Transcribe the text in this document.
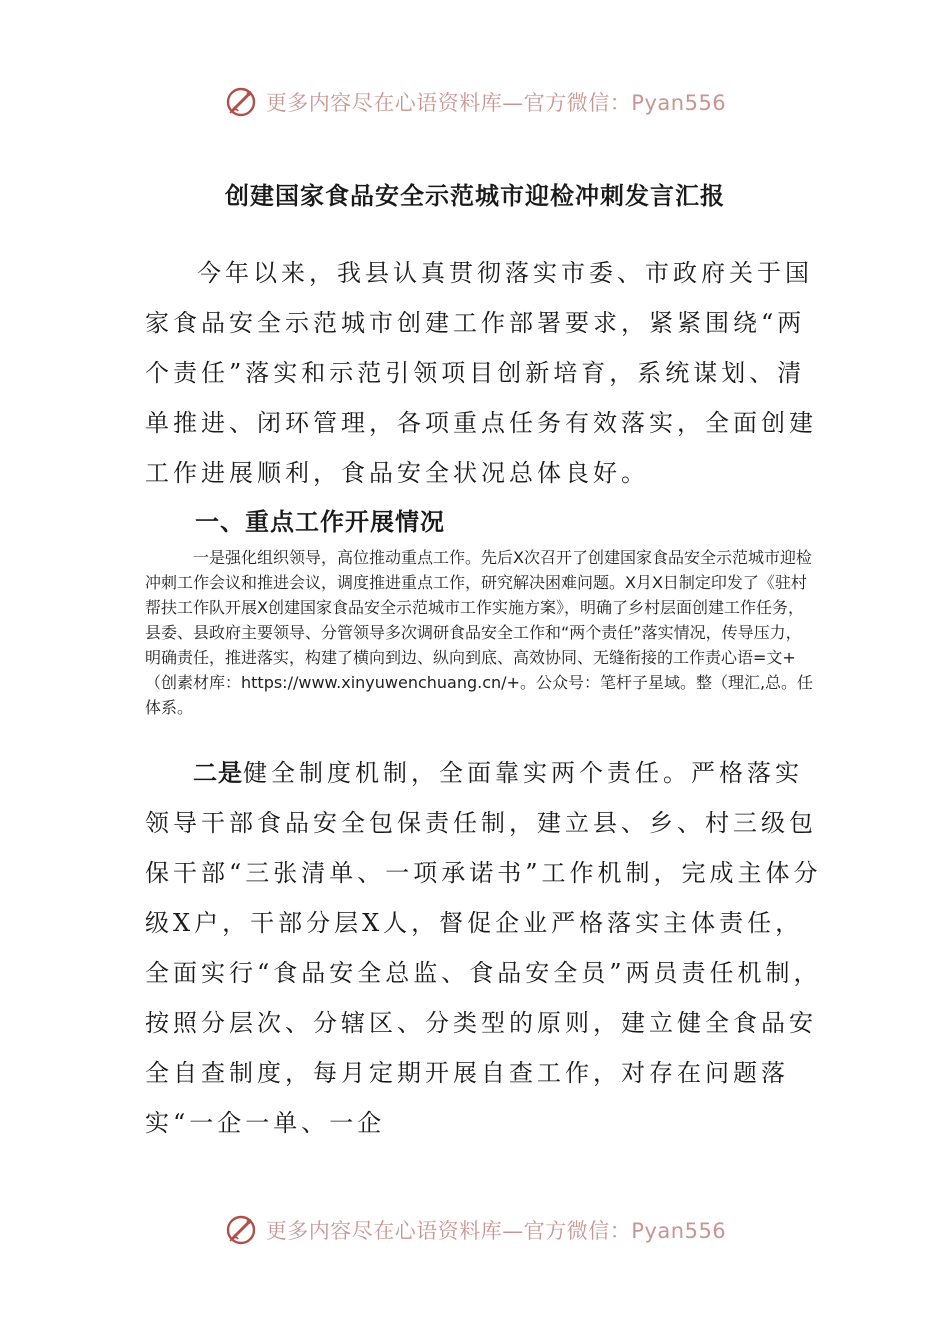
更多内容尽在心语资料库—官方微信：Pyan556
创建国家食品安全示范城市迎检冲刺发言汇报

今年以来，我县认真贯彻落实市委、市政府关于国家食品安全示范城市创建工作部署要求，紧紧围绕“两个责任”落实和示范引领项目创新培育，系统谋划、清单推进、闭环管理，各项重点任务有效落实，全面创建工作进展顺利，食品安全状况总体良好。

一、重点工作开展情况

一是强化组织领导，高位推动重点工作。先后X次召开了创建国家食品安全示范城市迎检冲刺工作会议和推进会议，调度推进重点工作，研究解决困难问题。X月X日制定印发了《驻村帮扶工作队开展X创建国家食品安全示范城市工作实施方案》，明确了乡村层面创建工作任务，县委、县政府主要领导、分管领导多次调研食品安全工作和“两个责任”落实情况，传导压力，明确责任，推进落实，构建了横向到边、纵向到底、高效协同、无缝衔接的工作责心语=文+（创素材库：https://www.xinyuwenchuang.cn/+。公众号：笔杆子星域。整（理汇,总。任体系。

二是健全制度机制，全面靠实两个责任。严格落实领导干部食品安全包保责任制，建立县、乡、村三级包保干部“三张清单、一项承诺书”工作机制，完成主体分级X户，干部分层X人，督促企业严格落实主体责任，全面实行“食品安全总监、食品安全员”两员责任机制，按照分层次、分辖区、分类型的原则，建立健全食品安全自查制度，每月定期开展自查工作，对存在问题落实“一企一单、一企

更多内容尽在心语资料库—官方微信：Pyan556
